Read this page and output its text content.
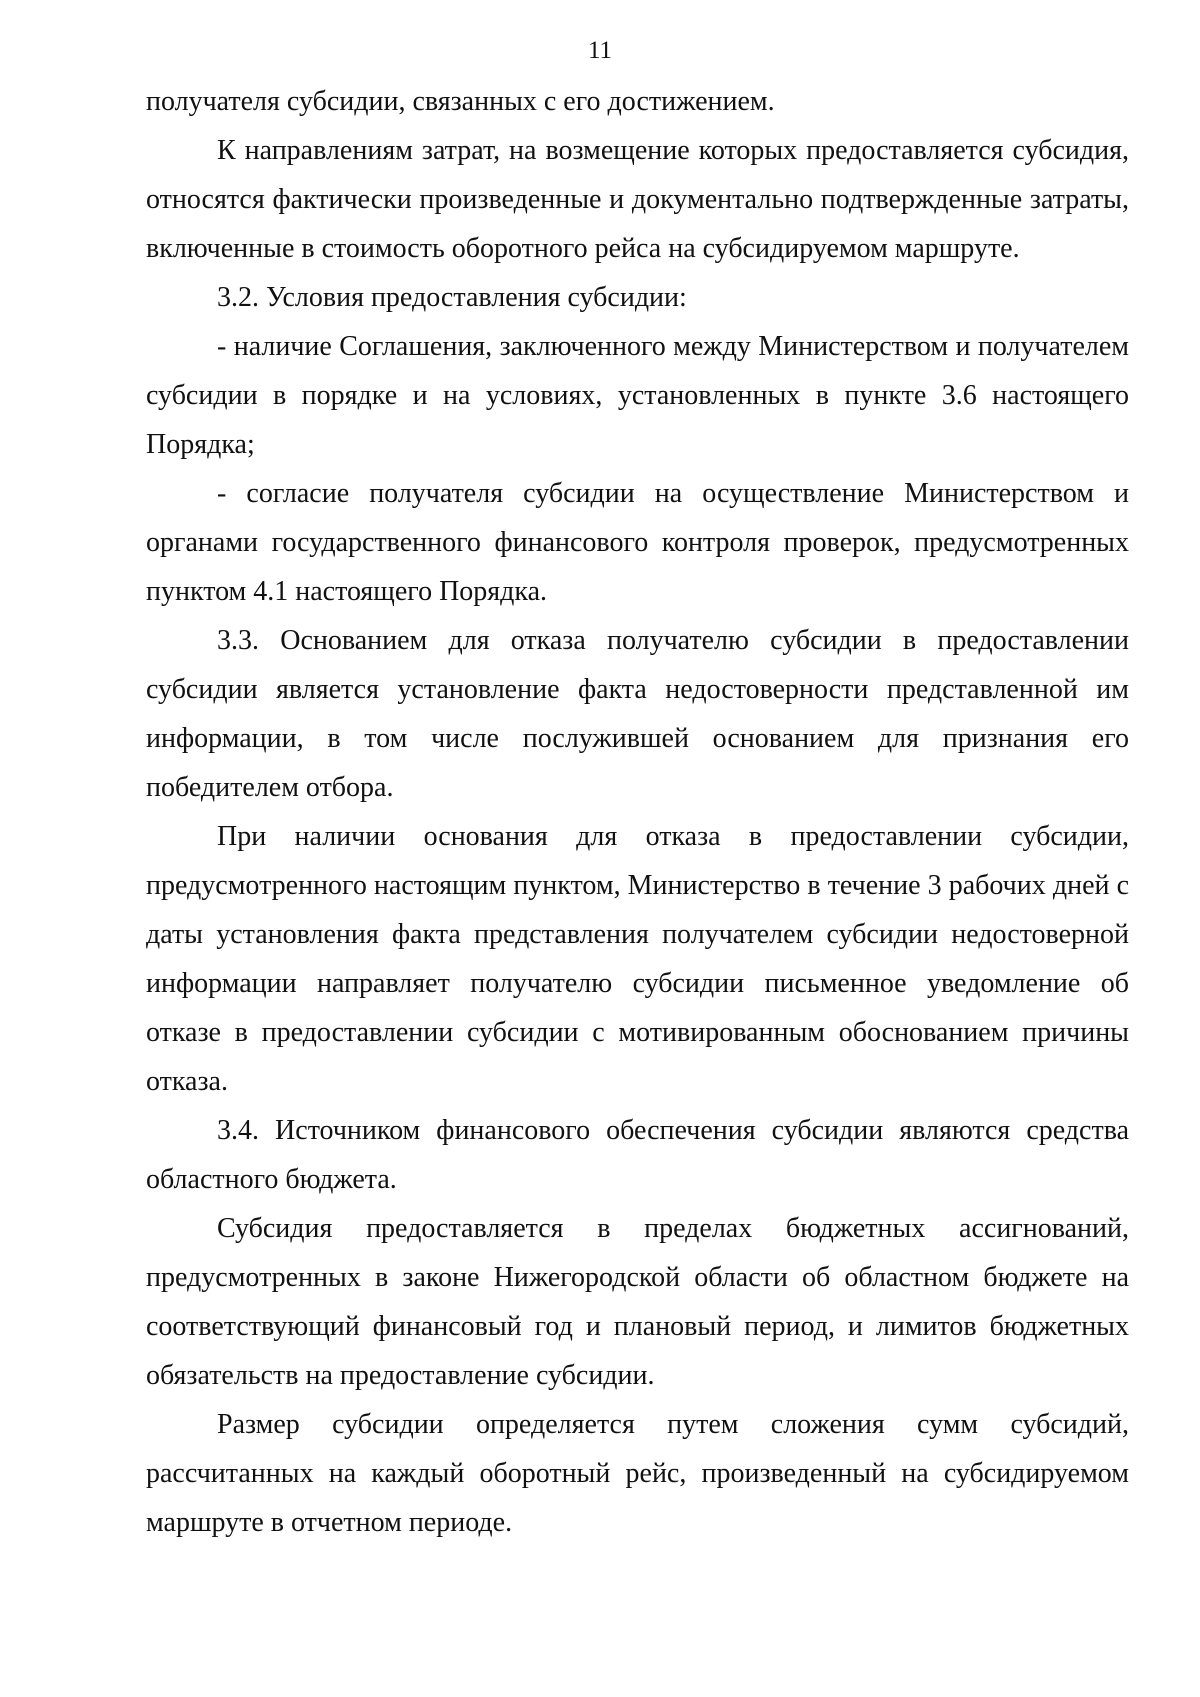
11

получателя субсидии, связанных с его достижением.

К направлениям затрат, на возмещение которых предоставляется субсидия, относятся фактически произведенные и документально подтвержденные затраты, включенные в стоимость оборотного рейса на субсидируемом маршруте.

3.2. Условия предоставления субсидии:

- наличие Соглашения, заключенного между Министерством и получателем субсидии в порядке и на условиях, установленных в пункте 3.6 настоящего Порядка;

- согласие получателя субсидии на осуществление Министерством и органами государственного финансового контроля проверок, предусмотренных пунктом 4.1 настоящего Порядка.

3.3. Основанием для отказа получателю субсидии в предоставлении субсидии является установление факта недостоверности представленной им информации, в том числе послужившей основанием для признания его победителем отбора.

При наличии основания для отказа в предоставлении субсидии, предусмотренного настоящим пунктом, Министерство в течение 3 рабочих дней с даты установления факта представления получателем субсидии недостоверной информации направляет получателю субсидии письменное уведомление об отказе в предоставлении субсидии с мотивированным обоснованием причины отказа.

3.4. Источником финансового обеспечения субсидии являются средства областного бюджета.

Субсидия предоставляется в пределах бюджетных ассигнований, предусмотренных в законе Нижегородской области об областном бюджете на соответствующий финансовый год и плановый период, и лимитов бюджетных обязательств на предоставление субсидии.

Размер субсидии определяется путем сложения сумм субсидий, рассчитанных на каждый оборотный рейс, произведенный на субсидируемом маршруте в отчетном периоде.
